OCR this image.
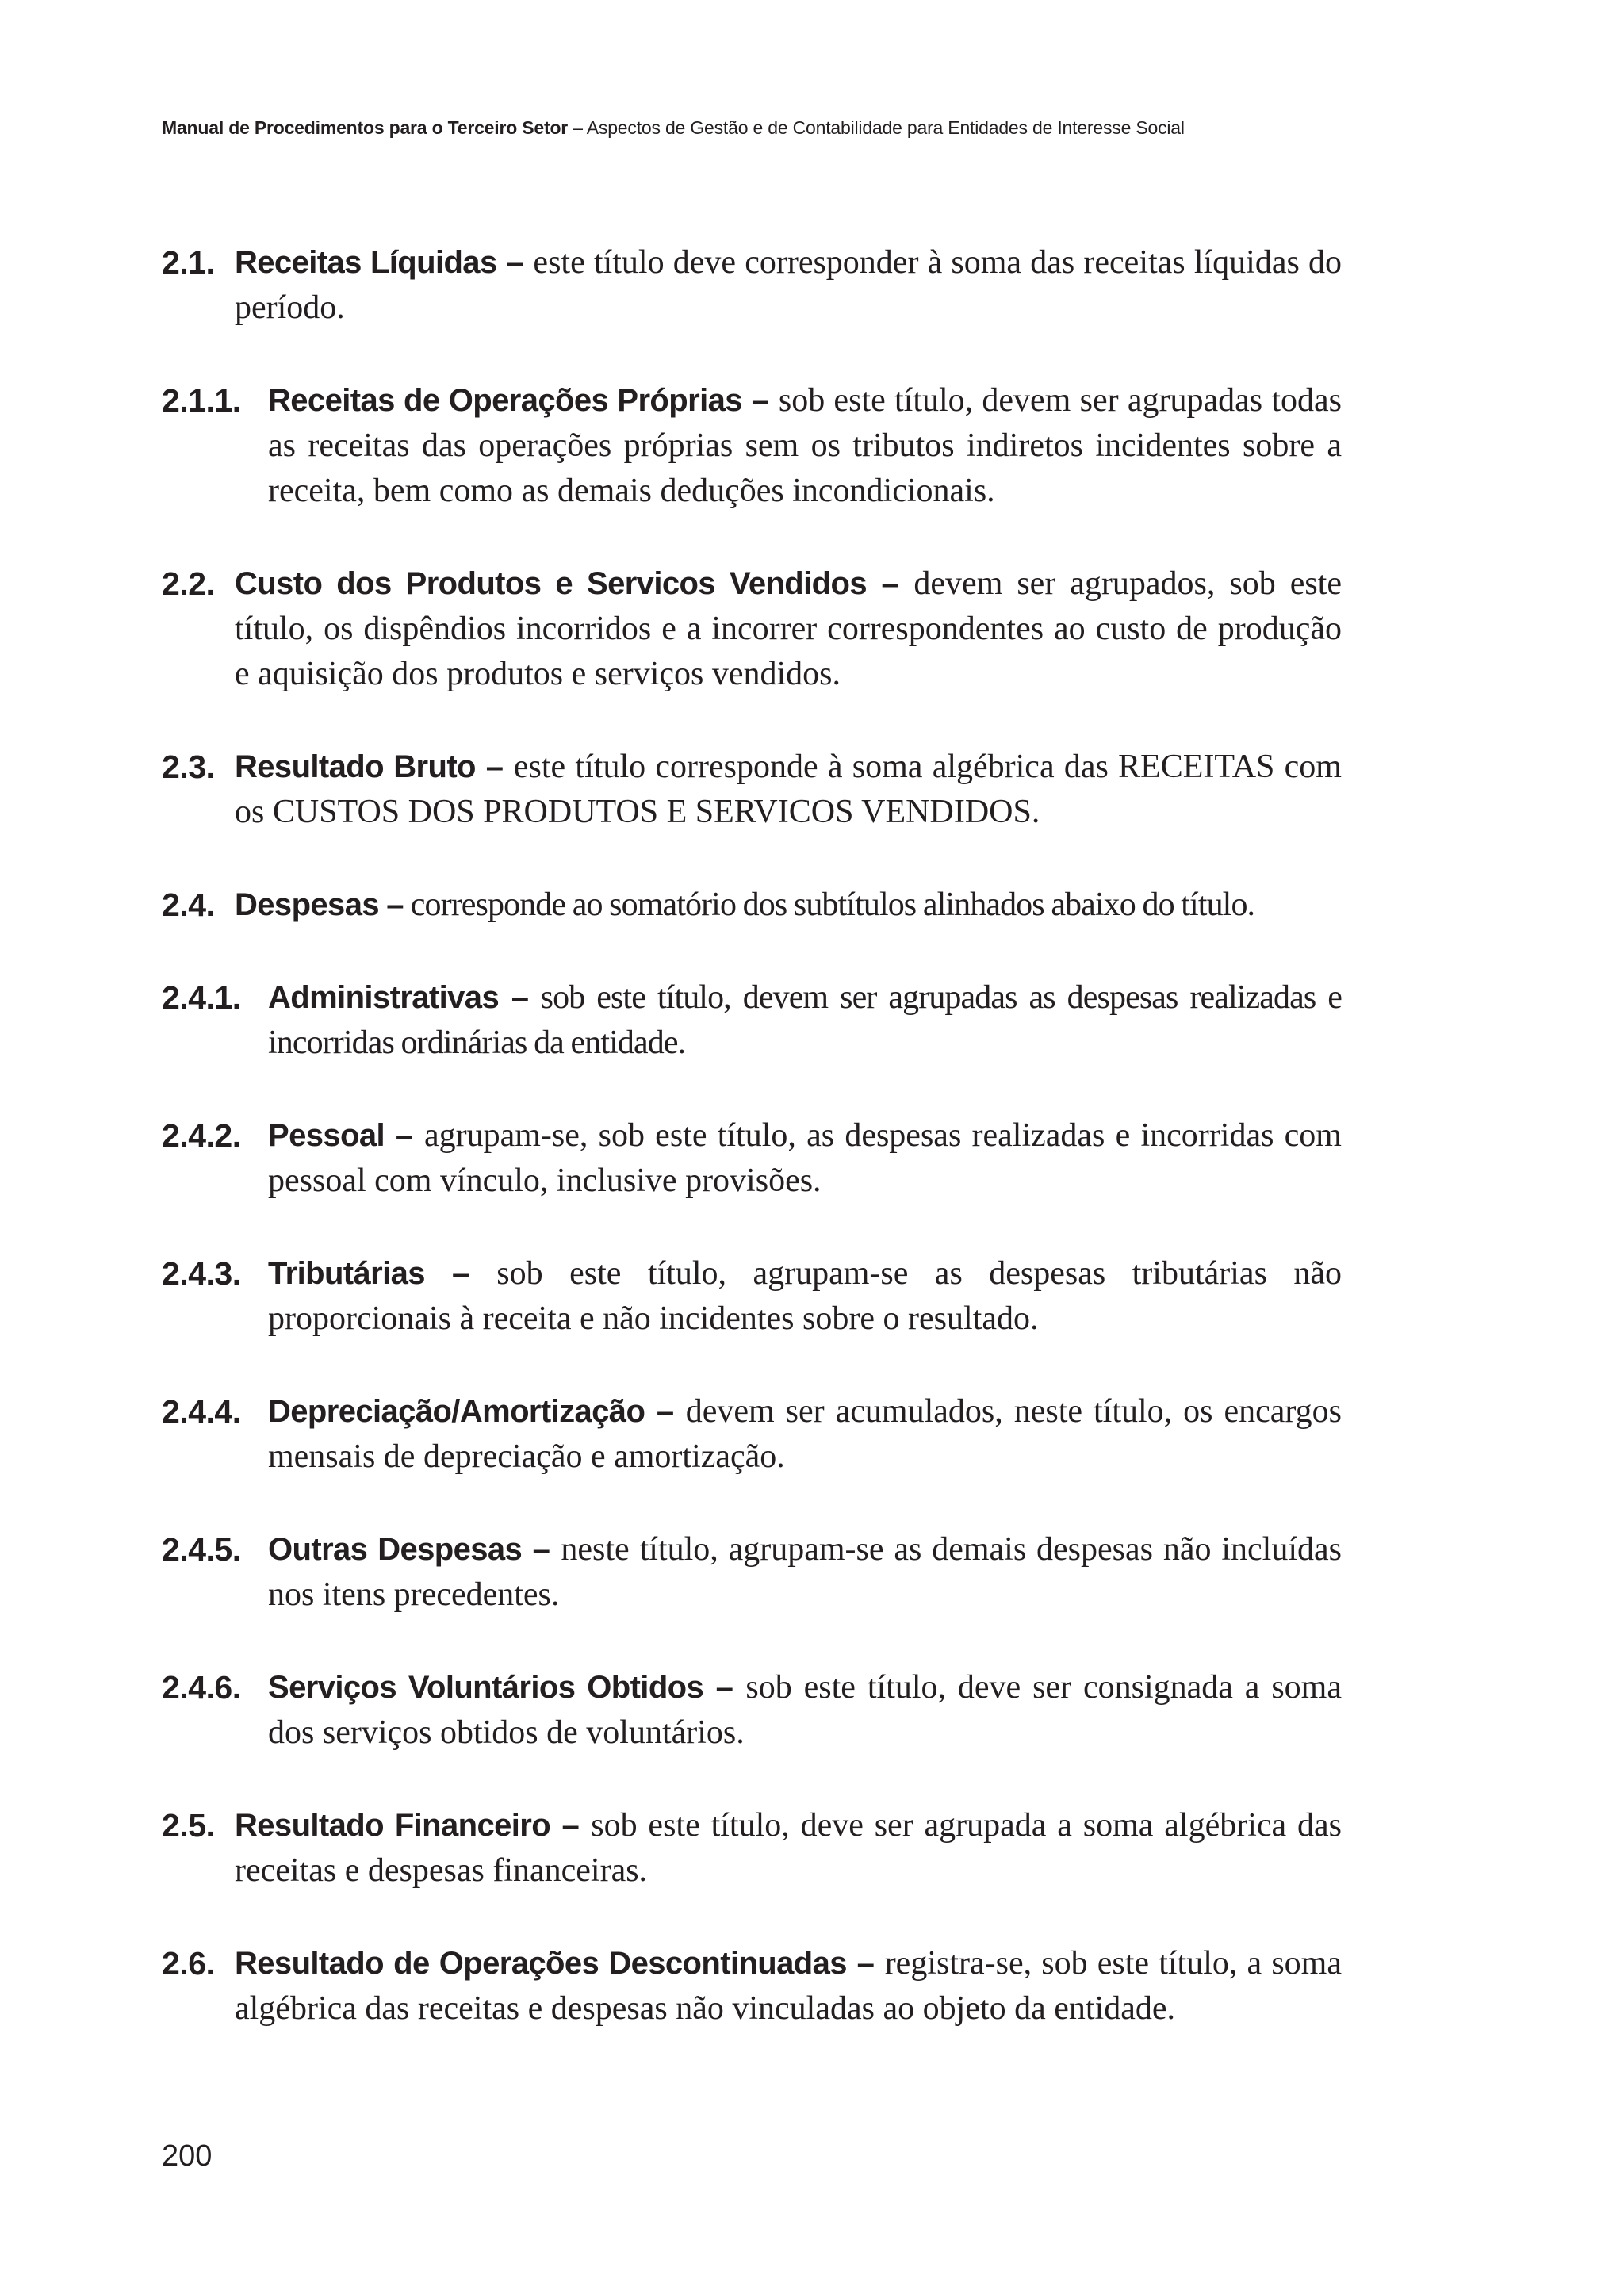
Manual de Procedimentos para o Terceiro Setor – Aspectos de Gestão e de Contabilidade para Entidades de Interesse Social
2.1. Receitas Líquidas – este título deve corresponder à soma das receitas líquidas do período.
2.1.1. Receitas de Operações Próprias – sob este título, devem ser agrupadas todas as receitas das operações próprias sem os tributos indiretos incidentes sobre a receita, bem como as demais deduções incondicionais.
2.2. Custo dos Produtos e Servicos Vendidos – devem ser agrupados, sob este título, os dispêndios incorridos e a incorrer correspondentes ao custo de produção e aquisição dos produtos e serviços vendidos.
2.3. Resultado Bruto – este título corresponde à soma algébrica das RECEITAS com os CUSTOS DOS PRODUTOS E SERVICOS VENDIDOS.
2.4. Despesas – corresponde ao somatório dos subtítulos alinhados abaixo do título.
2.4.1. Administrativas – sob este título, devem ser agrupadas as despesas realizadas e incorridas ordinárias da entidade.
2.4.2. Pessoal – agrupam-se, sob este título, as despesas realizadas e incorridas com pessoal com vínculo, inclusive provisões.
2.4.3. Tributárias – sob este título, agrupam-se as despesas tributárias não proporcionais à receita e não incidentes sobre o resultado.
2.4.4. Depreciação/Amortização – devem ser acumulados, neste título, os encargos mensais de depreciação e amortização.
2.4.5. Outras Despesas – neste título, agrupam-se as demais despesas não incluídas nos itens precedentes.
2.4.6. Serviços Voluntários Obtidos – sob este título, deve ser consignada a soma dos serviços obtidos de voluntários.
2.5. Resultado Financeiro – sob este título, deve ser agrupada a soma algébrica das receitas e despesas financeiras.
2.6. Resultado de Operações Descontinuadas – registra-se, sob este título, a soma algébrica das receitas e despesas não vinculadas ao objeto da entidade.
200
